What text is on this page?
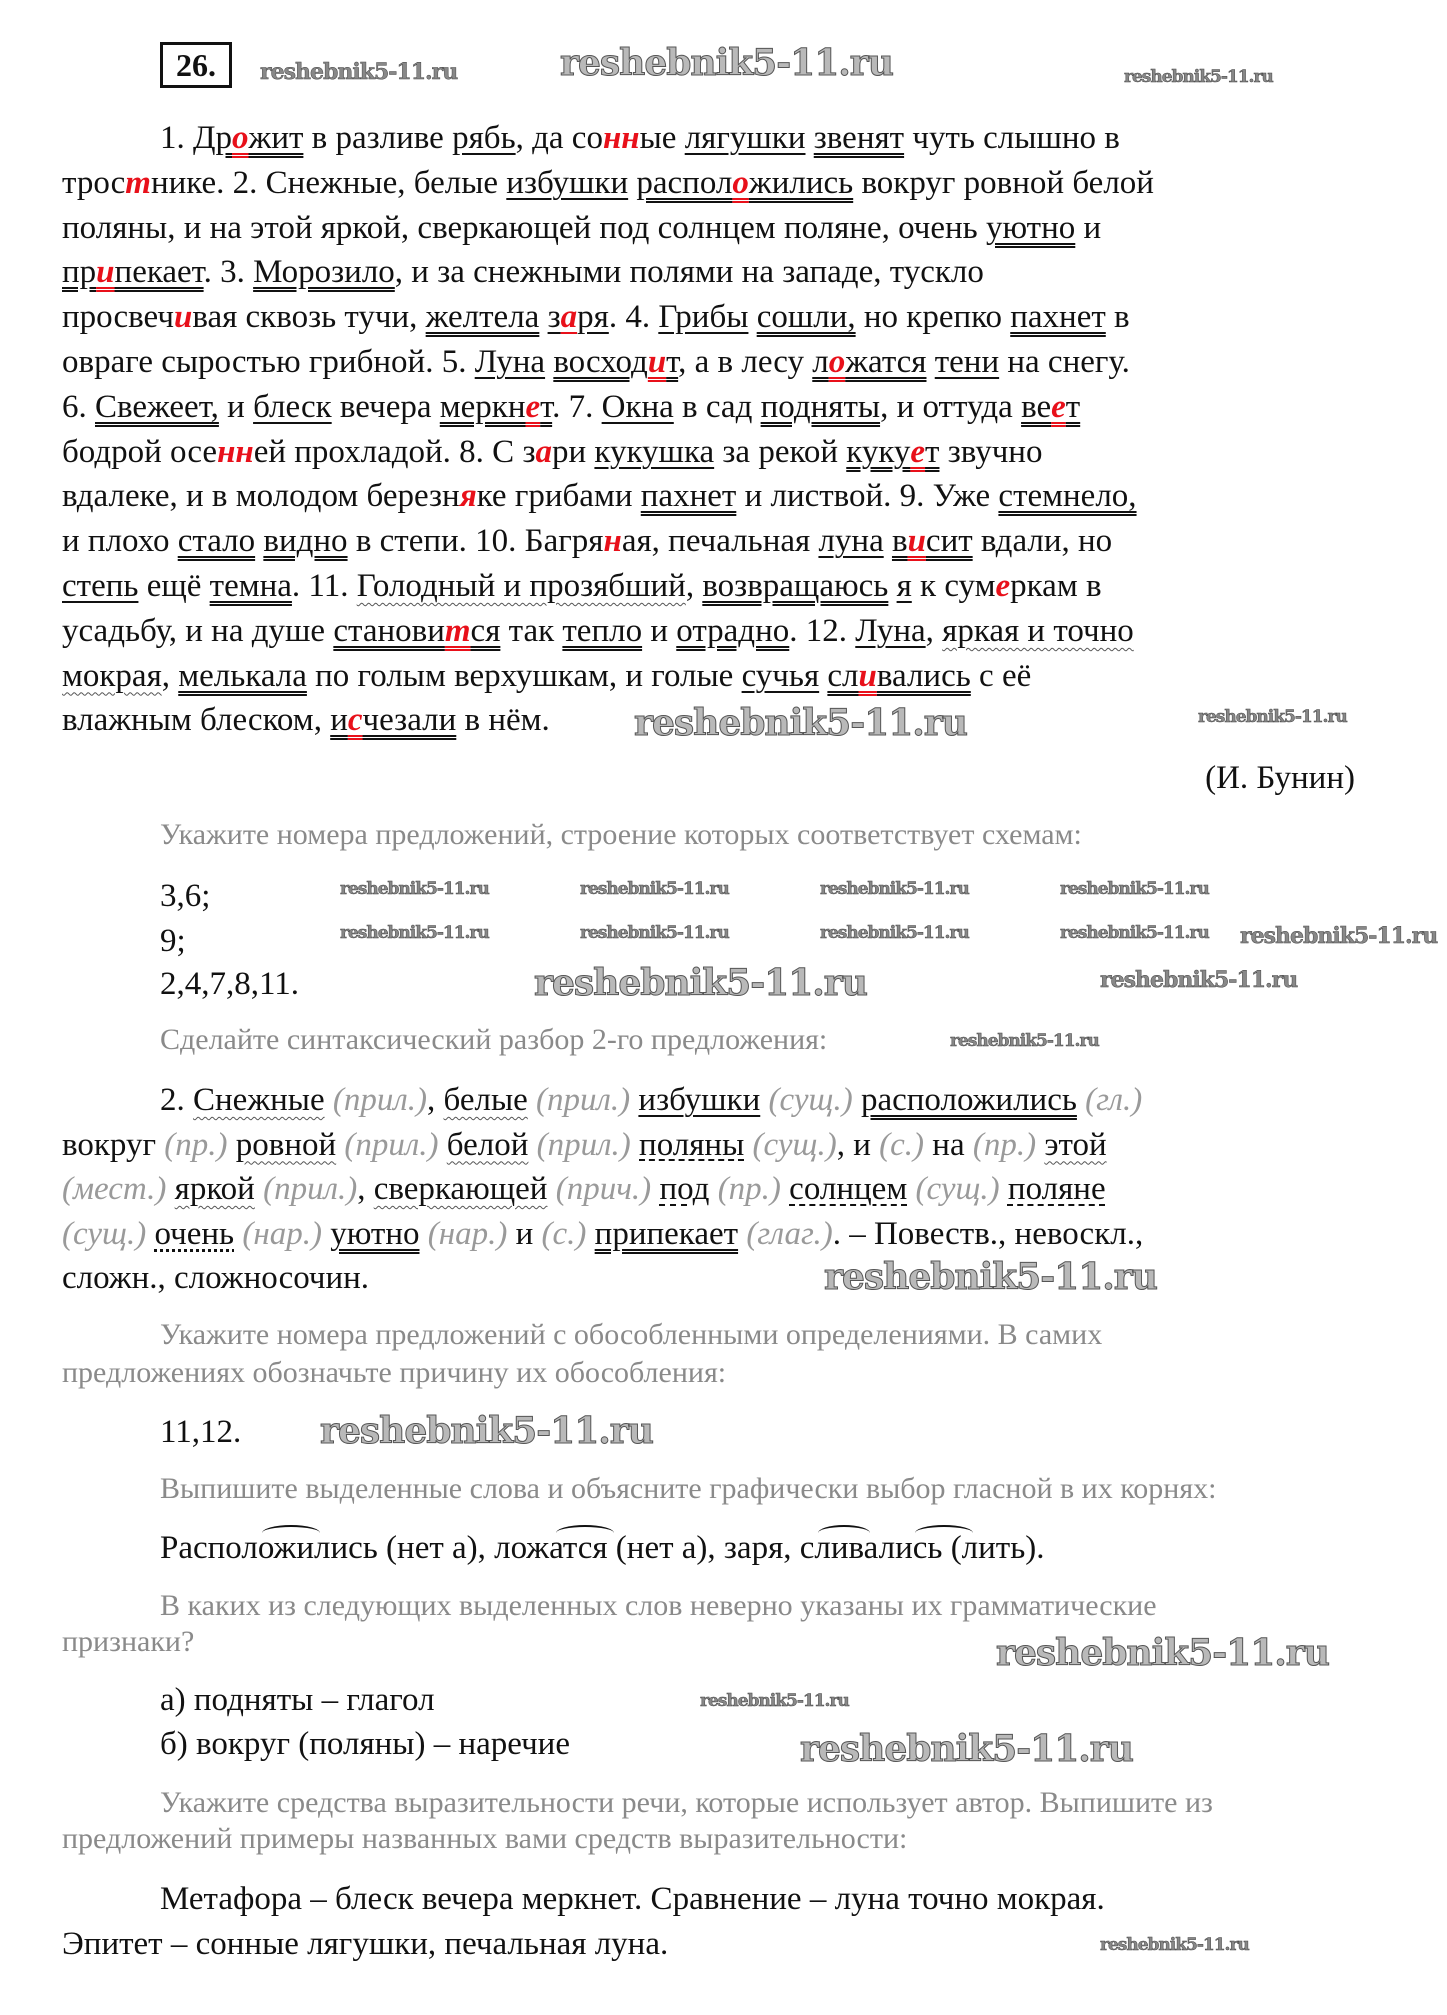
26.
1. Дрожит в разливе рябь, да сонные лягушки звенят чуть слышно в
тростнике. 2. Снежные, белые избушки расположились вокруг ровной белой
поляны, и на этой яркой, сверкающей под солнцем поляне, очень уютно и
припекает. 3. Морозило, и за снежными полями на западе, тускло
просвечивая сквозь тучи, желтела заря. 4. Грибы сошли, но крепко пахнет в
овраге сыростью грибной. 5. Луна восходит, а в лесу ложатся тени на снегу.
6. Свежеет, и блеск вечера меркнет. 7. Окна в сад подняты, и оттуда веет
бодрой осенней прохладой. 8. С зари кукушка за рекой кукует звучно
вдалеке, и в молодом березняке грибами пахнет и листвой. 9. Уже стемнело,
и плохо стало видно в степи. 10. Багряная, печальная луна висит вдали, но
степь ещё темна. 11. Голодный и прозябший, возвращаюсь я к сумеркам в
усадьбу, и на душе становится так тепло и отрадно. 12. Луна, яркая и точно
мокрая, мелькала по голым верхушкам, и голые сучья сливались с её
влажным блеском, исчезали в нём.
(И. Бунин)
Укажите номера предложений, строение которых соответствует схемам:
3,6;
9;
2,4,7,8,11.
Сделайте синтаксический разбор 2-го предложения:
2. Снежные (прил.), белые (прил.) избушки (сущ.) расположились (гл.)
вокруг (пр.) ровной (прил.) белой (прил.) поляны (сущ.), и (с.) на (пр.) этой
(мест.) яркой (прил.), сверкающей (прич.) под (пр.) солнцем (сущ.) поляне
(сущ.) очень (нар.) уютно (нар.) и (с.) припекает (глаг.). – Повеств., невоскл.,
сложн., сложносочин.
Укажите номера предложений с обособленными определениями. В самих
предложениях обозначьте причину их обособления:
11,12.
Выпишите выделенные слова и объясните графически выбор гласной в их корнях:
Расположились (нет а), ложатся (нет а), заря, сливались (лить).
В каких из следующих выделенных слов неверно указаны их грамматические
признаки?
а) подняты – глагол
б) вокруг (поляны) – наречие
Укажите средства выразительности речи, которые использует автор. Выпишите из
предложений примеры названных вами средств выразительности:
Метафора – блеск вечера меркнет. Сравнение – луна точно мокрая.
Эпитет – сонные лягушки, печальная луна.
reshebnik5-11.ru	reshebnik5-11.ru	reshebnik5-11.ru
reshebnik5-11.ru	reshebnik5-11.ru	reshebnik5-11.ru	reshebnik5-11.ru
reshebnik5-11.ru	reshebnik5-11.ru	reshebnik5-11.ru	reshebnik5-11.ru
reshebnik5-11.ru	reshebnik5-11.ru
reshebnik5-11.ru
reshebnik5-11.ru	reshebnik5-11.ru
reshebnik5-11.ru
reshebnik5-11.ru
reshebnik5-11.ru
reshebnik5-11.ru
reshebnik5-11.ru
reshebnik5-11.ru
reshebnik5-11.ru
